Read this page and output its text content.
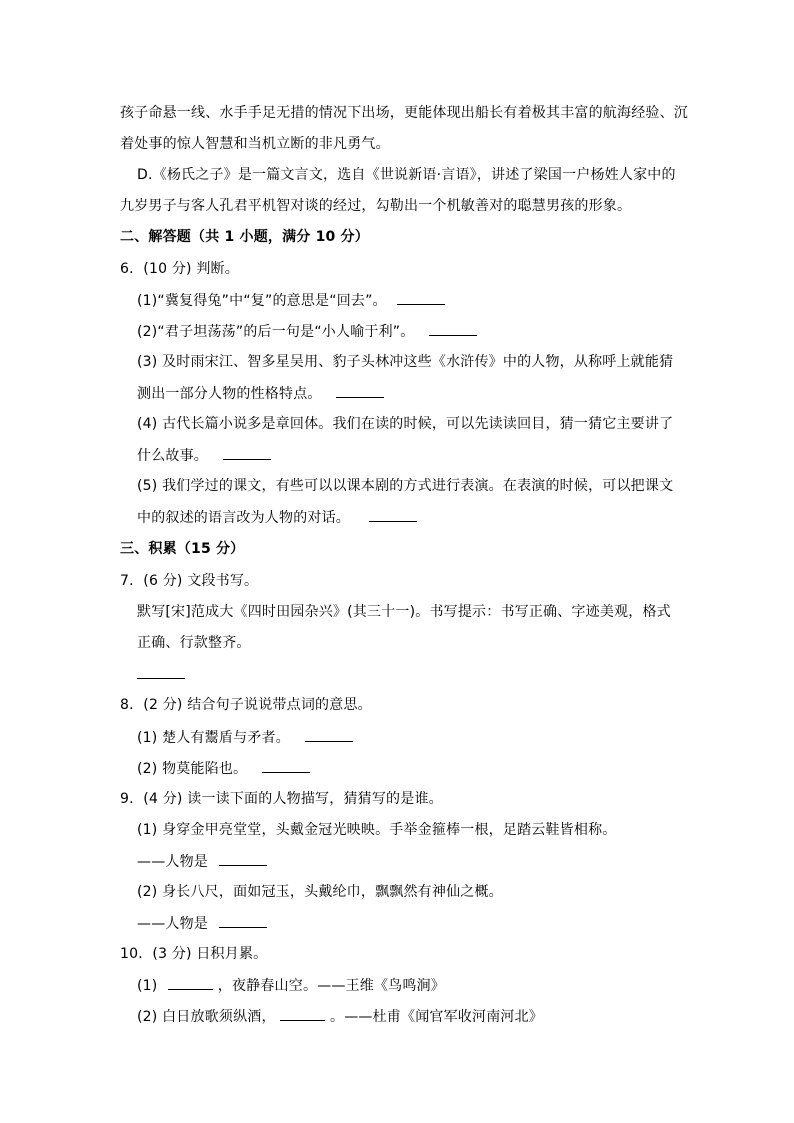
孩子命悬一线、水手手足无措的情况下出场，更能体现出船长有着极其丰富的航海经验、沉
着处事的惊人智慧和当机立断的非凡勇气。
D.《杨氏之子》是一篇文言文，选自《世说新语·言语》，讲述了梁国一户杨姓人家中的
九岁男子与客人孔君平机智对谈的经过，勾勒出一个机敏善对的聪慧男孩的形象。
二、解答题（共 1 小题，满分 10 分）
6．(10 分) 判断。
(1)“冀复得兔”中“复”的意思是“回去”。
(2)“君子坦荡荡”的后一句是“小人喻于利”。
(3) 及时雨宋江、智多星吴用、豹子头林冲这些《水浒传》中的人物，从称呼上就能猜
测出一部分人物的性格特点。
(4) 古代长篇小说多是章回体。我们在读的时候，可以先读读回目，猜一猜它主要讲了
什么故事。
(5) 我们学过的课文，有些可以以课本剧的方式进行表演。在表演的时候，可以把课文
中的叙述的语言改为人物的对话。
三、积累（15 分）
7．(6 分) 文段书写。
默写[宋]范成大《四时田园杂兴》(其三十一)。书写提示：书写正确、字迹美观，格式
正确、行款整齐。
8．(2 分) 结合句子说说带点词的意思。
(1) 楚人有鬻盾与矛者。
(2) 物莫能陷也。
9．(4 分) 读一读下面的人物描写，猜猜写的是谁。
(1) 身穿金甲亮堂堂，头戴金冠光映映。手举金箍棒一根，足踏云鞋皆相称。
——人物是
(2) 身长八尺，面如冠玉，头戴纶巾，飘飘然有神仙之概。
——人物是
10．(3 分) 日积月累。
(1)	，夜静春山空。——王维《鸟鸣涧》
(2) 白日放歌须纵酒，	。——杜甫《闻官军收河南河北》
